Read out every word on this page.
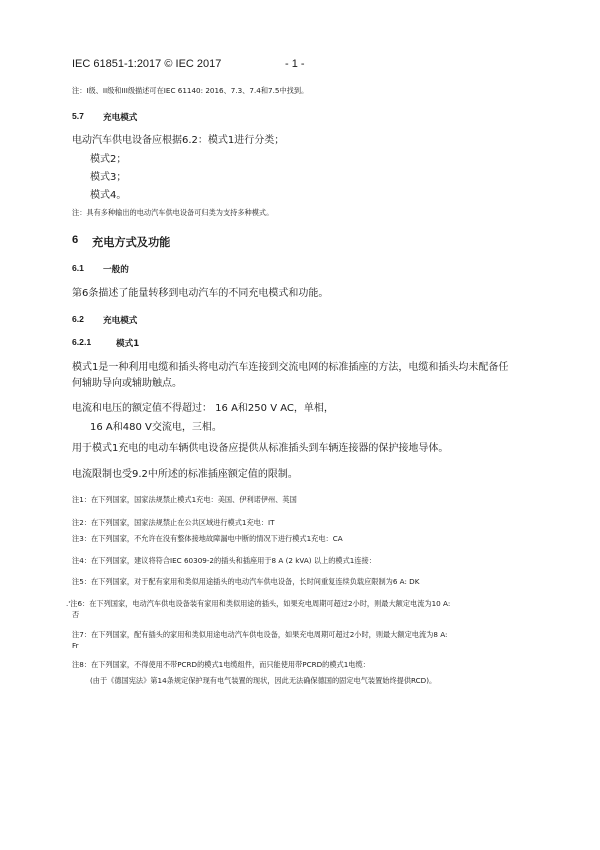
IEC 61851-1:2017 © IEC 2017	- 1 -
注：I级、II级和III级描述可在IEC 61140: 2016、7.3、7.4和7.5中找到。
5.7 充电模式
电动汽车供电设备应根据6.2：模式1进行分类；
模式2；
模式3；
模式4。
注：具有多种输出的电动汽车供电设备可归类为支持多种模式。
6 充电方式及功能
6.1 一般的
第6条描述了能量转移到电动汽车的不同充电模式和功能。
6.2 充电模式
6.2.1	模式1
模式1是一种利用电缆和插头将电动汽车连接到交流电网的标准插座的方法，电缆和插头均未配备任
何辅助导向或辅助触点。
电流和电压的额定值不得超过： 16 A和250 V AC，单相，
16 A和480 V交流电，三相。
用于模式1充电的电动车辆供电设备应提供从标准插头到车辆连接器的保护接地导体。
电流限制也受9.2中所述的标准插座额定值的限制。
注1：在下列国家，国家法规禁止模式1充电：美国、伊利诺伊州、英国
注2：在下列国家，国家法规禁止在公共区域进行模式1充电：IT
注3：在下列国家，不允许在没有整体接地故障漏电中断的情况下进行模式1充电：CA
注4：在下列国家，建议将符合IEC 60309-2的插头和插座用于8 A (2 kVA) 以上的模式1连接：
注5：在下列国家，对于配有家用和类似用途插头的电动汽车供电设备，长时间重复连续负载应限制为6 A: DK
.'注6：在下列国家，电动汽车供电设备装有家用和类似用途的插头，如果充电周期可超过2小时，则最大额定电流为10 A:
否
注7：在下列国家，配有插头的家用和类似用途电动汽车供电设备，如果充电周期可超过2小时，则最大额定电流为8 A:
Fr
注8：在下列国家，不得使用不带PCRD的模式1电缆组件，而只能使用带PCRD的模式1电缆：
(由于《德国宪法》第14条规定保护现有电气装置的现状，因此无法确保德国的固定电气装置始终提供RCD)。
